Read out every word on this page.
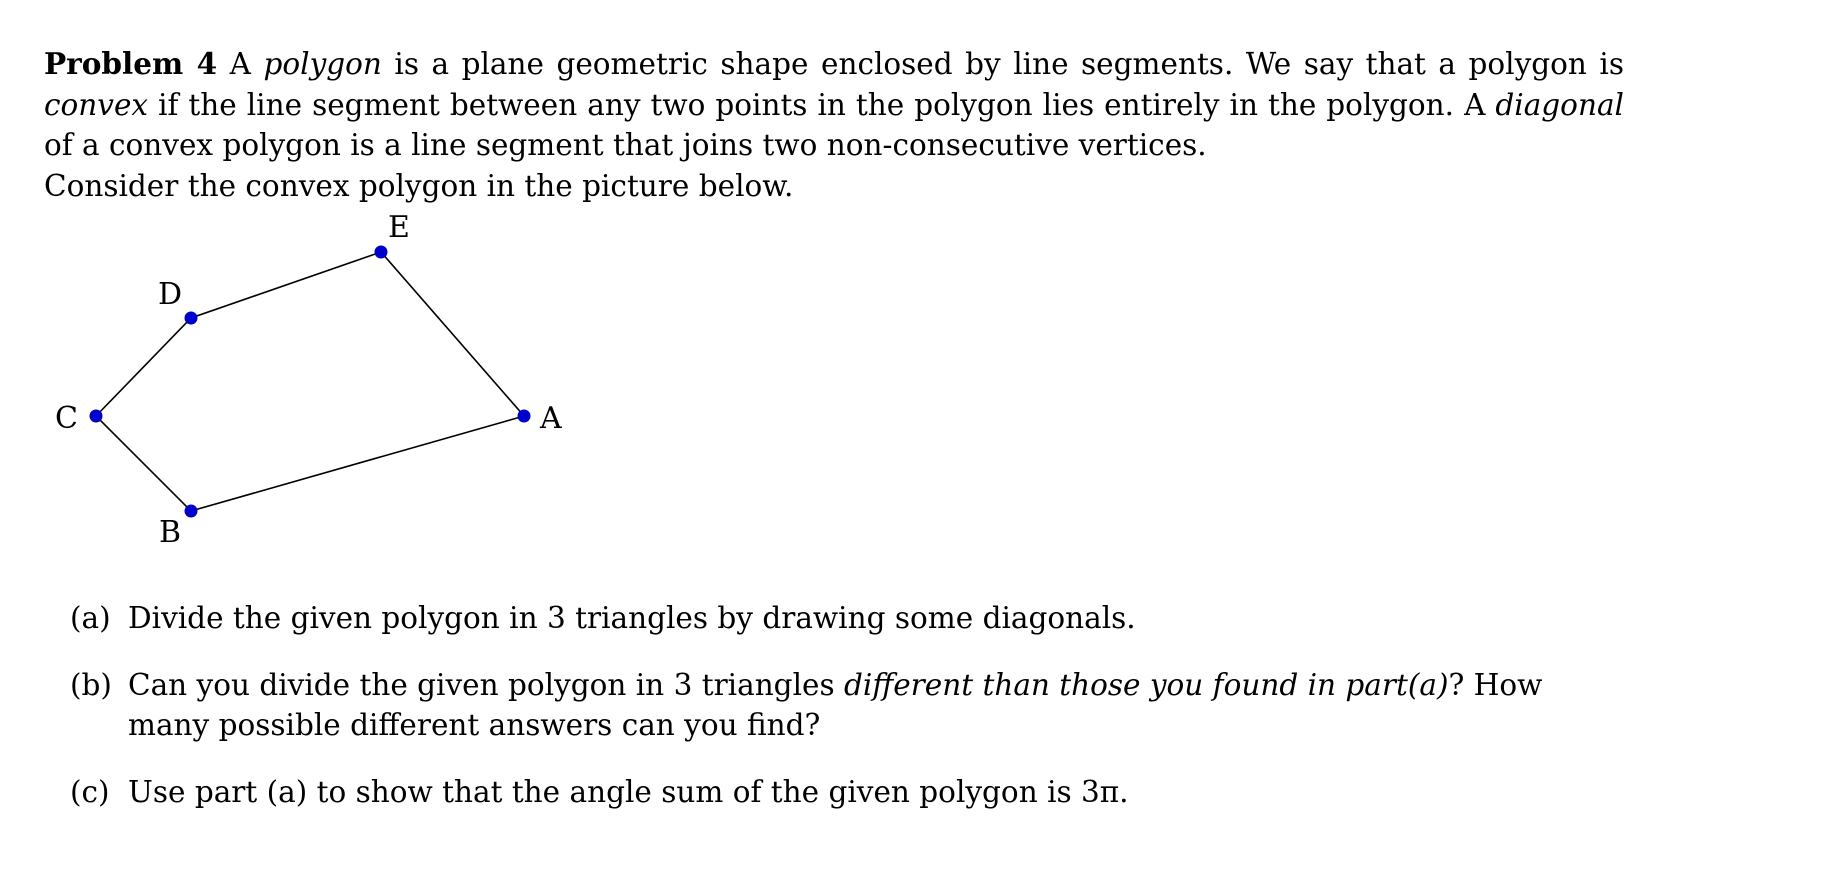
Problem 4 A polygon is a plane geometric shape enclosed by line segments. We say that a polygon is convex if the line segment between any two points in the polygon lies entirely in the polygon. A diagonal of a convex polygon is a line segment that joins two non-consecutive vertices.

Consider the convex polygon in the picture below.

A
B
C
D
E
(a) Divide the given polygon in 3 triangles by drawing some diagonals.
(b) Can you divide the given polygon in 3 triangles different than those you found in part(a)? How many possible different answers can you find?
(c) Use part (a) to show that the angle sum of the given polygon is 3π.
